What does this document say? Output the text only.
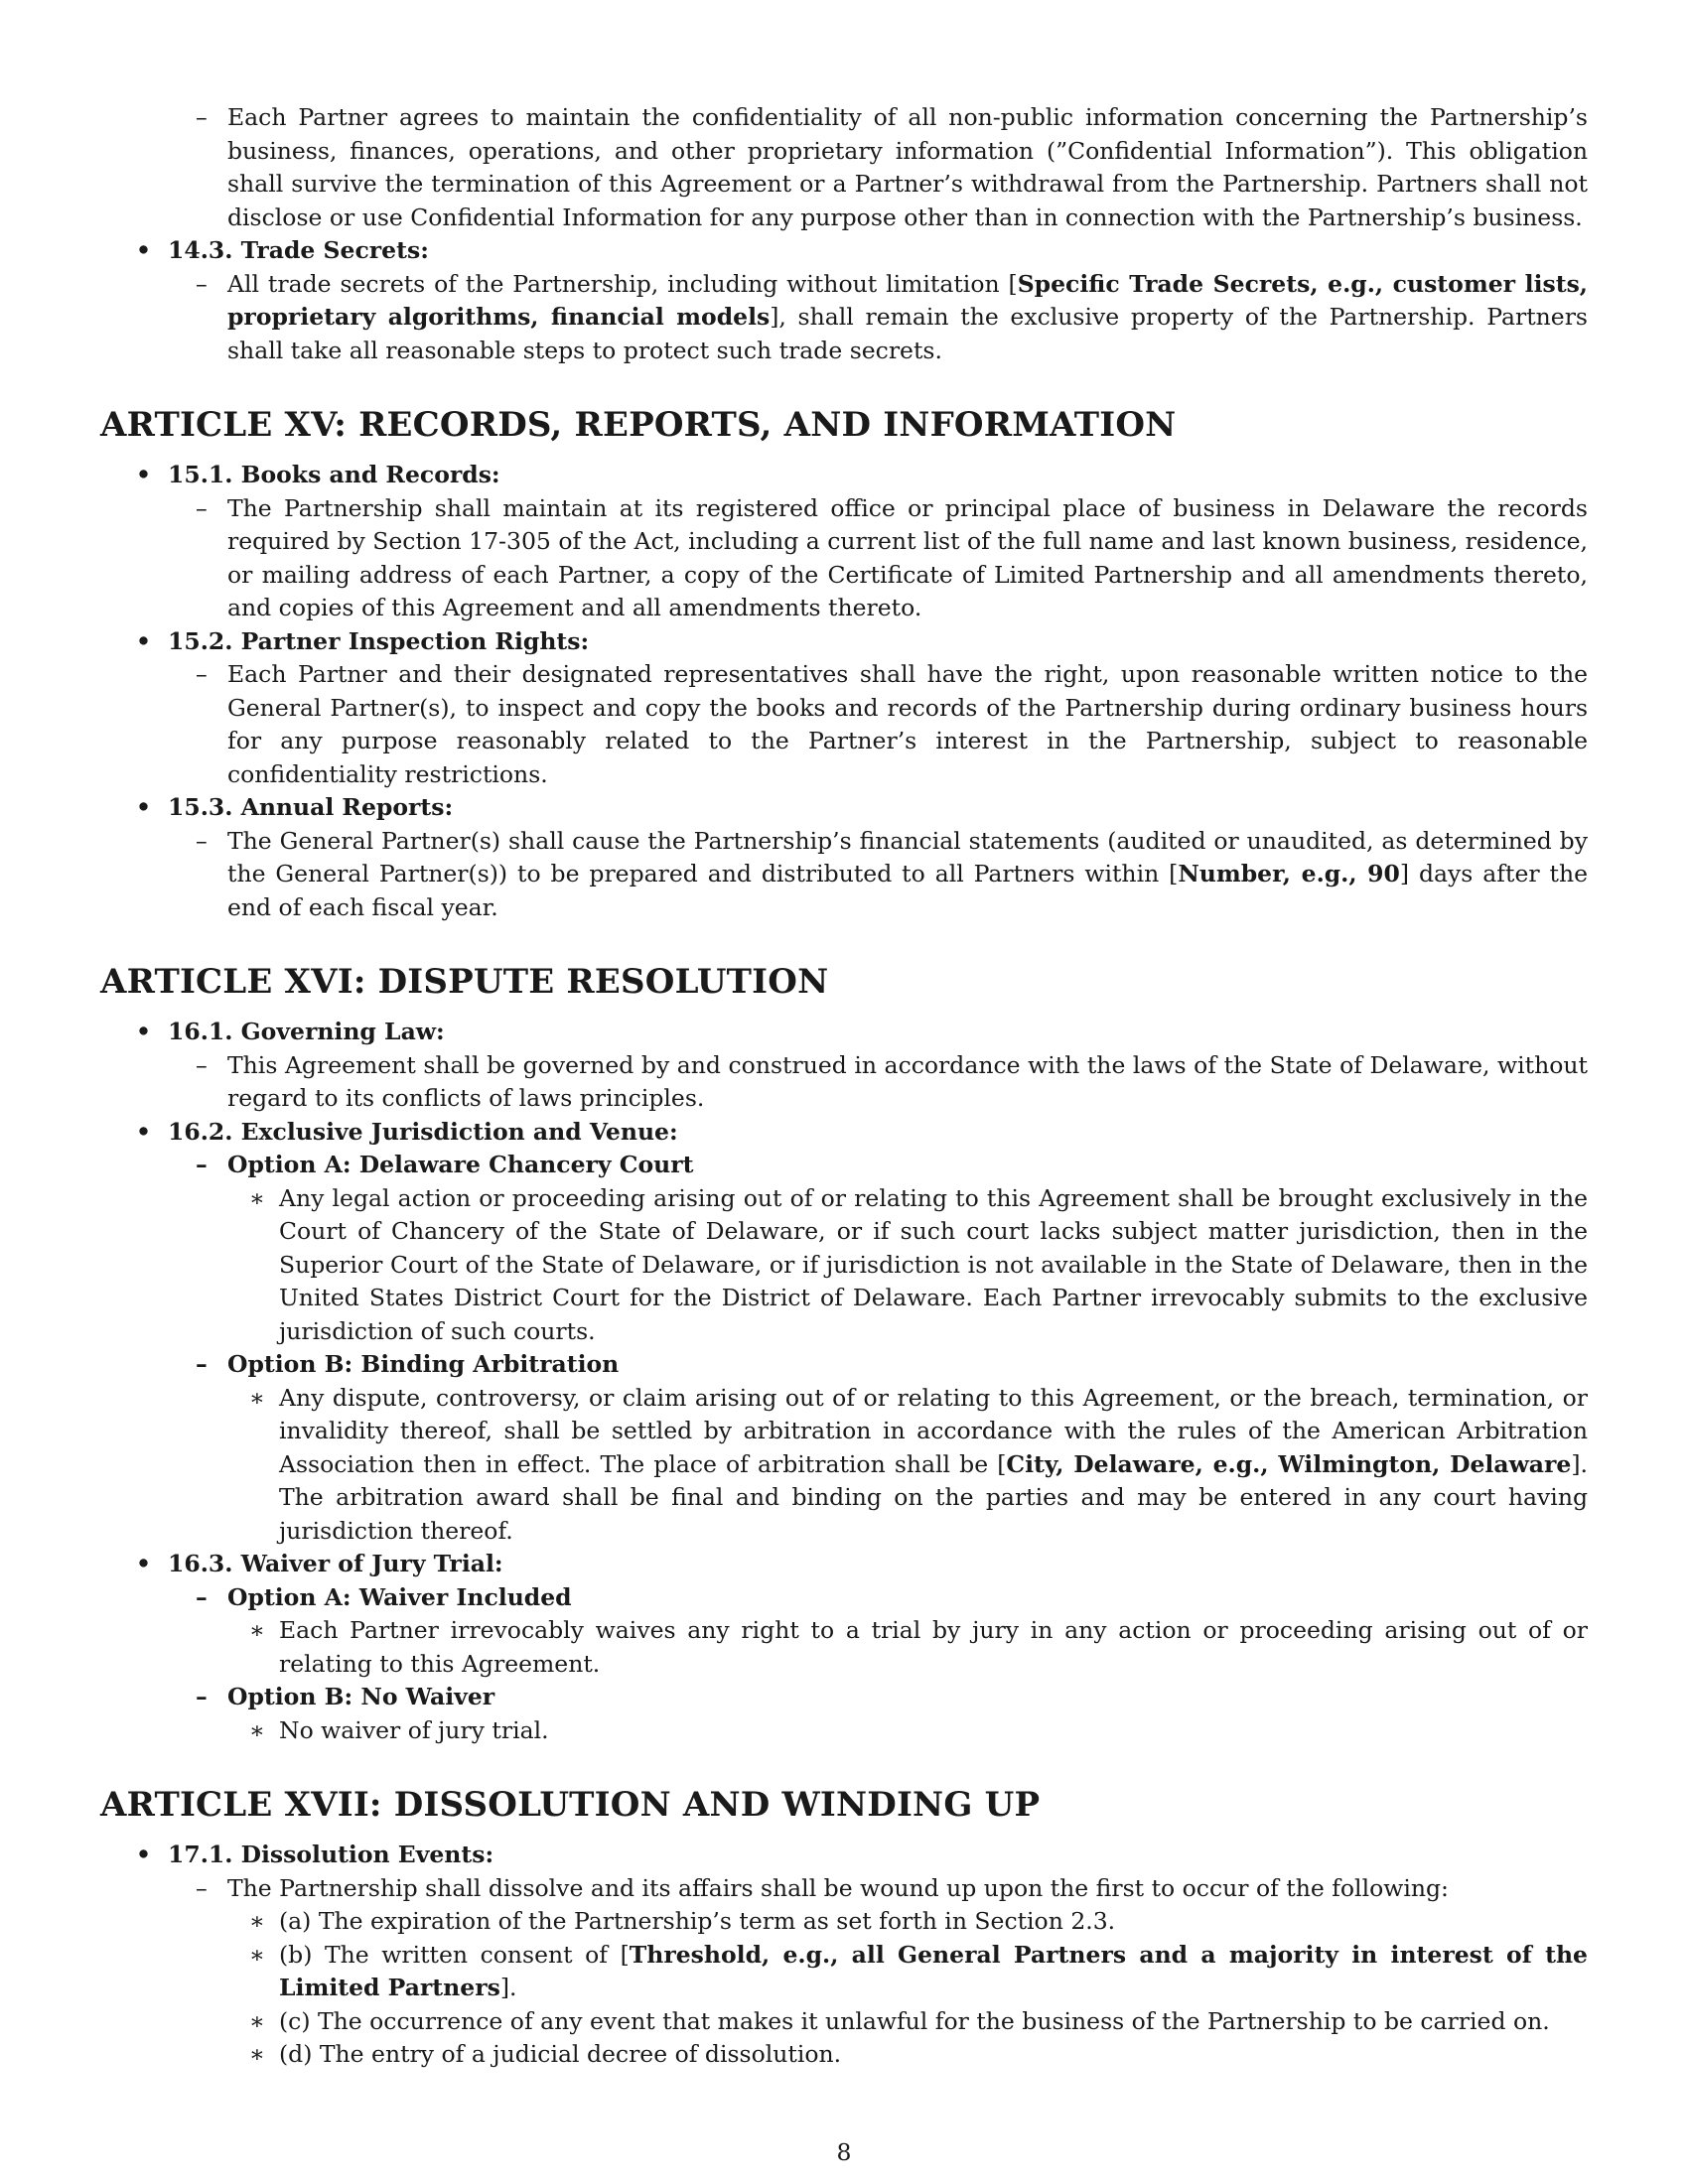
– Each Partner agrees to maintain the confidentiality of all non-public information concerning the Partnership’s business, finances, operations, and other proprietary information (”Confidential Information”). This obligation shall survive the termination of this Agreement or a Partner’s withdrawal from the Partnership. Partners shall not disclose or use Confidential Information for any purpose other than in connection with the Partnership’s business.
• 14.3. Trade Secrets:
– All trade secrets of the Partnership, including without limitation [Specific Trade Secrets, e.g., customer lists, proprietary algorithms, financial models], shall remain the exclusive property of the Partnership. Partners shall take all reasonable steps to protect such trade secrets.
ARTICLE XV: RECORDS, REPORTS, AND INFORMATION
• 15.1. Books and Records:
– The Partnership shall maintain at its registered office or principal place of business in Delaware the records required by Section 17-305 of the Act, including a current list of the full name and last known business, residence, or mailing address of each Partner, a copy of the Certificate of Limited Partnership and all amendments thereto, and copies of this Agreement and all amendments thereto.
• 15.2. Partner Inspection Rights:
– Each Partner and their designated representatives shall have the right, upon reasonable written notice to the General Partner(s), to inspect and copy the books and records of the Partnership during ordinary business hours for any purpose reasonably related to the Partner’s interest in the Partnership, subject to reasonable confidentiality restrictions.
• 15.3. Annual Reports:
– The General Partner(s) shall cause the Partnership’s financial statements (audited or unaudited, as determined by the General Partner(s)) to be prepared and distributed to all Partners within [Number, e.g., 90] days after the end of each fiscal year.
ARTICLE XVI: DISPUTE RESOLUTION
• 16.1. Governing Law:
– This Agreement shall be governed by and construed in accordance with the laws of the State of Delaware, without regard to its conflicts of laws principles.
• 16.2. Exclusive Jurisdiction and Venue:
– Option A: Delaware Chancery Court
∗ Any legal action or proceeding arising out of or relating to this Agreement shall be brought exclusively in the Court of Chancery of the State of Delaware, or if such court lacks subject matter jurisdiction, then in the Superior Court of the State of Delaware, or if jurisdiction is not available in the State of Delaware, then in the United States District Court for the District of Delaware. Each Partner irrevocably submits to the exclusive jurisdiction of such courts.
– Option B: Binding Arbitration
∗ Any dispute, controversy, or claim arising out of or relating to this Agreement, or the breach, termination, or invalidity thereof, shall be settled by arbitration in accordance with the rules of the American Arbitration Association then in effect. The place of arbitration shall be [City, Delaware, e.g., Wilmington, Delaware]. The arbitration award shall be final and binding on the parties and may be entered in any court having jurisdiction thereof.
• 16.3. Waiver of Jury Trial:
– Option A: Waiver Included
∗ Each Partner irrevocably waives any right to a trial by jury in any action or proceeding arising out of or relating to this Agreement.
– Option B: No Waiver
∗ No waiver of jury trial.
ARTICLE XVII: DISSOLUTION AND WINDING UP
• 17.1. Dissolution Events:
– The Partnership shall dissolve and its affairs shall be wound up upon the first to occur of the following:
∗ (a) The expiration of the Partnership’s term as set forth in Section 2.3.
∗ (b) The written consent of [Threshold, e.g., all General Partners and a majority in interest of the Limited Partners].
∗ (c) The occurrence of any event that makes it unlawful for the business of the Partnership to be carried on.
∗ (d) The entry of a judicial decree of dissolution.
8
